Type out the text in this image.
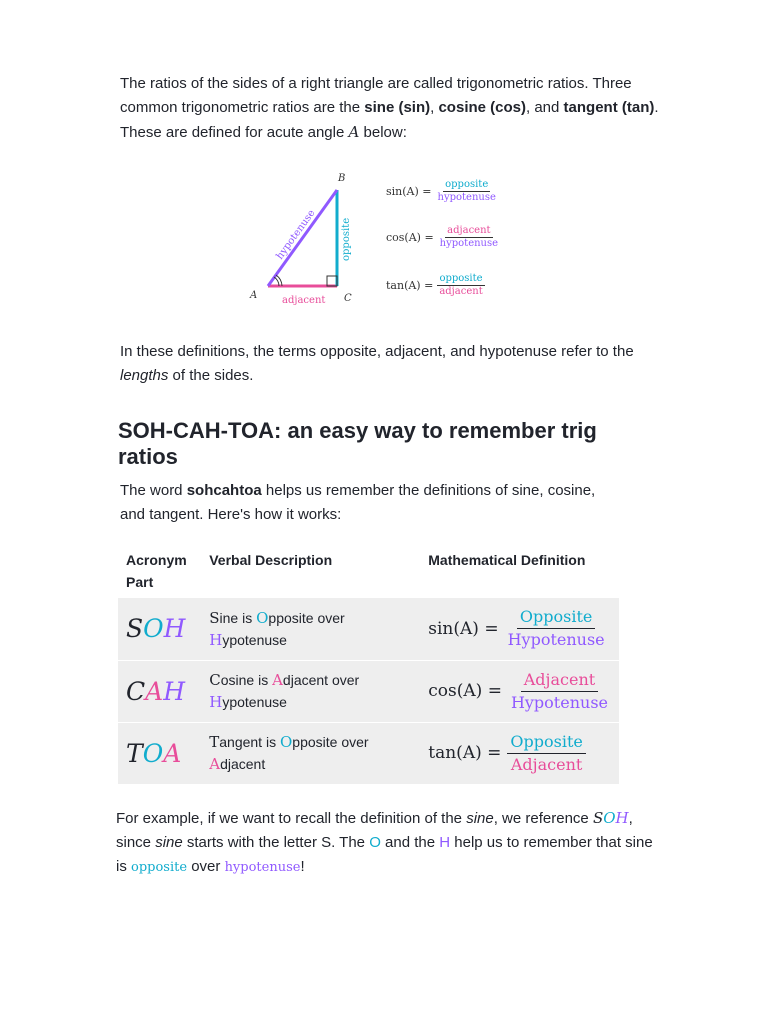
The ratios of the sides of a right triangle are called trigonometric ratios. Three common trigonometric ratios are the sine (sin), cosine (cos), and tangent (tan). These are defined for acute angle A below:

A
B
C
adjacent
opposite
hypotenuse
$\sin(A) = \frac{\text{opposite}}{\text{hypotenuse}}$
$\cos(A) = \frac{\text{adjacent}}{\text{hypotenuse}}$
$\tan(A) = \frac{\text{opposite}}{\text{adjacent}}$

In these definitions, the terms opposite, adjacent, and hypotenuse refer to the lengths of the sides.

SOH-CAH-TOA: an easy way to remember trig ratios

The word sohcahtoa helps us remember the definitions of sine, cosine, and tangent. Here's how it works:

Acronym Part	Verbal Description	Mathematical Definition
SOH	Sine is Opposite over Hypotenuse	$\sin(A) = \frac{\text{Opposite}}{\text{Hypotenuse}}$

CAH	Cosine is Adjacent over Hypotenuse	$\cos(A) = \frac{\text{Adjacent}}{\text{Hypotenuse}}$

TOA	Tangent is Opposite over Adjacent	$\tan(A) = \frac{\text{Opposite}}{\text{Adjacent}}$

For example, if we want to recall the definition of the sine, we reference SOH, since sine starts with the letter S. The O and the H help us to remember that sine is opposite over hypotenuse!
